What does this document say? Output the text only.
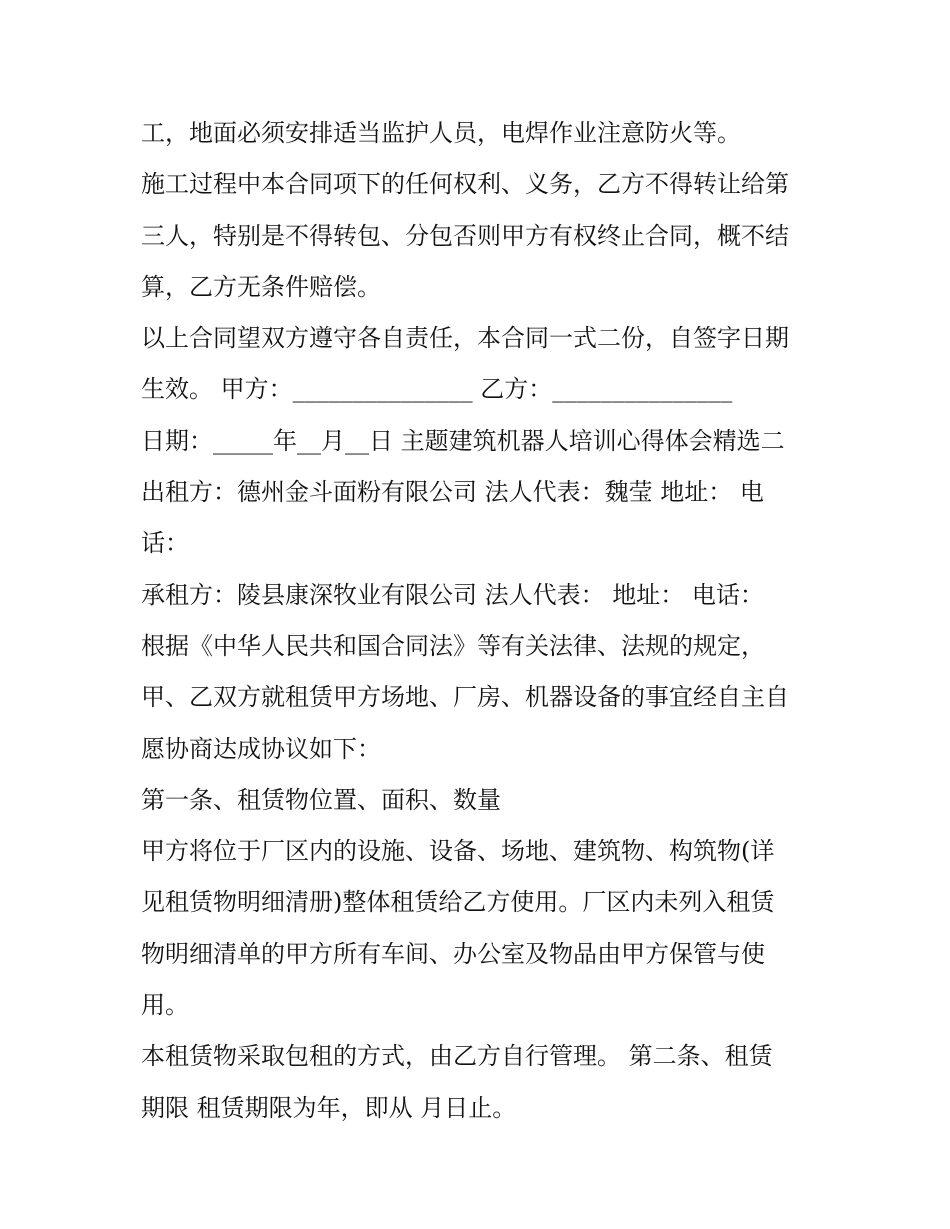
工，地面必须安排适当监护人员，电焊作业注意防火等。
施工过程中本合同项下的任何权利、义务，乙方不得转让给第
三人，特别是不得转包、分包否则甲方有权终止合同，概不结
算，乙方无条件赔偿。
以上合同望双方遵守各自责任，本合同一式二份，自签字日期
生效。 甲方：_______________ 乙方：_______________
日期：_____年__月__日 主题建筑机器人培训心得体会精选二
出租方：德州金斗面粉有限公司 法人代表：魏莹 地址： 电
话：
承租方：陵县康深牧业有限公司 法人代表： 地址： 电话：
根据《中华人民共和国合同法》等有关法律、法规的规定，
甲、乙双方就租赁甲方场地、厂房、机器设备的事宜经自主自
愿协商达成协议如下：
第一条、租赁物位置、面积、数量
甲方将位于厂区内的设施、设备、场地、建筑物、构筑物(详
见租赁物明细清册)整体租赁给乙方使用。厂区内未列入租赁
物明细清单的甲方所有车间、办公室及物品由甲方保管与使
用。
本租赁物采取包租的方式，由乙方自行管理。 第二条、租赁
期限 租赁期限为年，即从 月日止。
